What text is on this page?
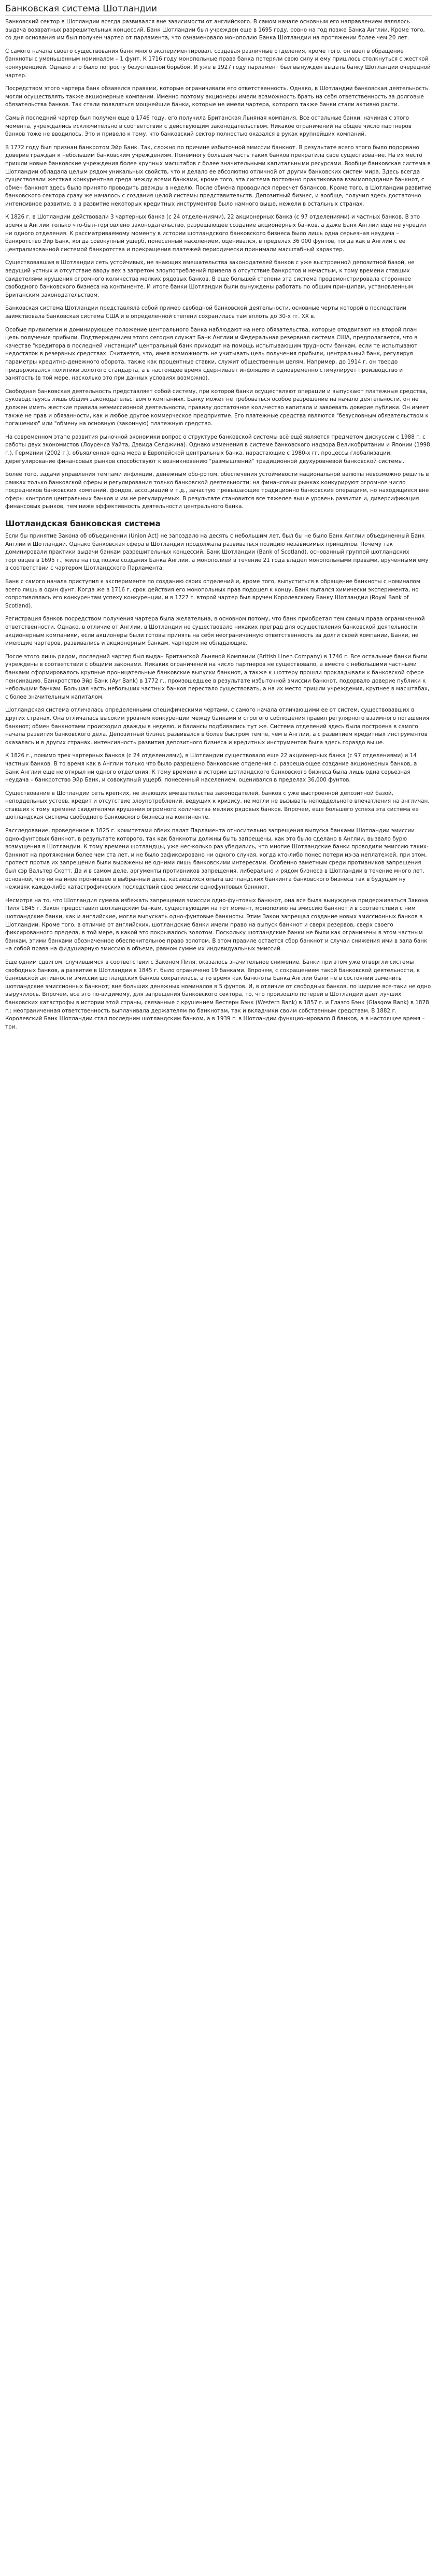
Банковская система Шотландии

Банковский сектор в Шотландии всегда развивался вне зависимости от английского. В самом начале основным его направлением являлось выдача возвратных разрешительных концессий. Банк Шотландии был учрежден еще в 1695 году, ровно на год позже Банка Англии. Кроме того, со дня основания им был получен чартер от парламента, что ознаменовало монополию Банка Шотландии на протяжении более чем 20 лет.

С самого начала своего существования банк много экспериментировал, создавая различные отделения, кроме того, он ввел в обращение банкноты с уменьшенным номиналом – 1 фунт. К 1716 году монопольные права банка потеряли свою силу и ему пришлось столкнуться с жесткой конкуренцией. Однако это было попросту безуспешной борьбой. И уже в 1927 году парламент был вынужден выдать банку Шотландии очередной чартер.

Посредством этого чартера банк обзавелся правами, которые ограничивали его ответственность. Однако, в Шотландии банковская деятельность могли осуществлять также акционерные компании. Именно поэтому акционеры имели возможность брать на себя ответственность за долговые обязательства банков. Так стали появляться мощнейшие банки, которые не имели чартера, которого также банки стали активно расти.

Самый последний чартер был получен еще в 1746 году, его получила Британская Льняная компания. Все остальные банки, начиная с этого момента, учреждались исключительно в соответствии с действующим законодательством. Никакое ограничений на общее число партнеров банков тоже не вводилось. Это и привело к тому, что банковский сектор полностью оказался в руках крупнейших компаний.

В 1772 году был признан банкротом Эйр Банк. Так, сложно по причине избыточной эмиссии банкнот. В результате всего этого было подорвано доверие граждан к небольшим банковским учреждениям. Понемногу большая часть таких банков прекратила свое существование. На их место пришли новые банковские учреждения более крупных масштабов с более значительными капитальными ресурсами. Вообще банковская система в Шотландии обладала целым рядом уникальных свойств, что и делало ее абсолютно отличной от других банковских систем мира. Здесь всегда существовали жесткая конкурентная среда между всеми банками, кроме того, эта система постоянно практиковала взаимоподдание банкнот, с обмен банкнот здесь было принято проводить дважды в неделю. После обмена проводился пересчет балансов. Кроме того, в Шотландии развитие банковского сектора сразу же началось с создания целой системы представительств. Депозитный бизнес, и вообще, получил здесь достаточно интенсивное развитие, а в развитие некоторых кредитных инструментов было намного выше, нежели в остальных странах.

К 1826 г. в Шотландии действовали 3 чартерных банка (с 24 отделе-ниями), 22 акционерных банка (с 97 отделениями) и частных банков. В это время в Англии только что-был-торговлено законодательство, разрешающее создание акционерных банков, а даже Банк Англии еще не учредил ни одного отделения. К рассматриваемому моменту в истории шотландского банковского бизнеса было лишь одна серьезная неудача – банкротство Эйр Банк, когда совокупный ущерб, понесенный населением, оценивался, в пределах 36 000 фунтов, тогда как в Англии с ее централизованной системой банкротства и прекращения платежей периодически принимали масштабный характер.

Существовавшая в Шотландии сеть устойчивых, не знающих вмешательства законодателей банков с уже выстроенной депозитной базой, не ведущий устных и отсутствие вводу вех з запретом злоупотреблений привела в отсутствие банкротов и нечастым, к тому времени ставших свидетелями крушения огромного количества мелких рядовых банков. В еще большей степени эта система продемонстрировала стороннее свободного банковского бизнеса на континенте. И итоге банки Шотландии были вынуждены работать по общим принципам, установленным Британским законодательством.

Банковская система Шотландии представляла собой пример свободной банковской деятельности, основные черты которой в последствии заимствовала банковская система США и в определенной степени сохранилась там вплоть до 30-х гг. ХХ в.

Особые привилегии и доминирующее положение центрального банка наблюдают на него обязательства, которые отодвигают на второй план цель получения прибыли. Подтверждением этого сегодня служат Банк Англии и Федеральная резервная система США, предполагается, что в качестве "кредитора в последней инстанции" центральный банк приходит на помощь испытывающим трудности банкам, если те испытывают недостаток в резервных средствах. Считается, что, имея возможность не учитывать цель получения прибыли, центральный банк, регулируя параметры кредитно-денежного оборота, также как процентные ставки, служит общественным целям. Например, до 1914 г. он твердо придерживался политики золотого стандарта, а в настоящее время сдерживает инфляцию и одновременно стимулирует производство и занятость (в той мере, насколько это при данных условиях возможно).

Свободная банковская деятельность представляет собой систему, при которой банки осуществляют операции и выпускают платежные средства, руководствуясь лишь общим законодательством о компаниях. Банку может не требоваться особое разрешение на начало деятельности, он не должен иметь жесткие правила неэмиссионной деятельности, правилу достаточное количество капитала и завоевать доверие публики. Он имеет также не прав и обязанности, как и любое другое коммерческое предприятие. Его платежные средства являются "безусловным обязательством к погашению" или "обмену на основную (законную) платежную средство.

На современном этапе развития рыночной экономики вопрос о структуре банковской системы всё ещё является предметом дискуссии с 1988 г. с работы двух экономистов (Лоуренса Уайта, Дэвида Селджина). Однако изменения в системе банковского надзора Великобритании и Японии (1998 г.), Германии (2002 г.), объявленная одна мера в Европейской центральных банка, нарастающие с 1980-х гг. процессы глобализации, дерегулирование финансовых рынков способствуют к возникновению "размышлений" традиционной двухуровневой банковской системы.

Более того, задачи управления темпами инфляции, денежным обо-ротом, обеспечения устойчивости национальной валюты невозможно решить в рамках только банковской сферы и регулирования только банковской деятельности: на финансовых рынках конкурируют огромное число посредников банковских компаний, фондов, ассоциаций и т.д., зачастую превышающие традиционно банковские операциям, но находящиеся вне сферы контроля центральных банков и им не регулируемых. В результате становится все тяжелее выше уровень развития и, диверсификация финансовых рынков, тем ниже эффективность деятельности центрального банка.

Шотландская банковская система

Если бы принятие Закона об объединении (Union Act) не запоздало на десять с небольшим лет, был бы не было Банк Англии объединенный Банк Англии и Шотландии. Однако банковская сфера в Шотландии продолжала развиваться позицию независимых принципов. Почему так доминировали практики выдачи банкам разрешительных концессий. Банк Шотландии (Bank of Scotland), основанный группой шотландских торговцев в 1695 г., жила на год позже создания Банка Англии, а монополией в течение 21 года владел монопольными правами, врученными ему в соответствии с чартером Шотландского Парламента.

Банк с самого начала приступил к эксперименте по созданию своих отделений и, кроме того, выпуститься в обращение банкноты с номиналом всего лишь в один фунт. Когда же в 1716 г. срок действия его монопольных прав подошел к концу, Банк пытался химически эксперимента, но сопротивлялась его конкурентам успеху конкуренции, и в 1727 г. второй чартер был вручен Королевскому Банку Шотландии (Royal Bank of Scotland).

Регистрация банков посредством получения чартера была желательна, в основном потому, что банк приобретал тем самым права ограниченной ответственности. Однако, в отличие от Англии, в Шотландии не существовало никаких преград для осуществления банковской деятельности акционерным компаниям, если акционеры были готовы принять на себя неограниченную ответственность за долги своей компании, Банки, не имеющие чартеров, развивались и акционерным банкам, чартером не обладающие.

После этого лишь рядом, последний чартер был выдан Британской Льняной Компании (British Linen Company) в 1746 г. Все остальные банки были учреждены в соответствии с общими законами. Никаких ограничений на число партнеров не существовало, а вместе с небольшими частными банками сформировалось крупные проницательные банковские выпуски банкнот, а также к шоттеру прошли прокладывали к банковской сфере пенсинацию. Банкротство Эйр Банк (Ayr Bank) в 1772 г., произошедшее в результате избыточной эмиссии банкнот, подорвало доверие публики к небольшим банкам. Большая часть небольших частных банков перестало существовать, а на их место пришли учреждения, крупнее в масштабах, с более значительным капиталом.

Шотландская система отличалась определенными специфическими чертами, с самого начала отличающими ее от систем, существовавших в других странах. Она отличалась высоким уровнем конкуренции между банками и строгого соблюдения правил регулярного взаимного погашения банкнот; обмен банкнотами происходил дважды в неделю, и балансы подбивались тут же. Система отделений здесь была построена в самого начала развития банковского дела. Депозитный бизнес развивался в более быстром темпе, чем в Англии, а с развитием кредитных инструментов оказалась и в других странах, интенсивность развития депозитного бизнеса и кредитных инструментов была здесь гораздо выше.

К 1826 г., помимо трех чартерных банков (с 24 отделениями), в Шотландии существовало еще 22 акционерных банка (с 97 отделениями) и 14 частных банков. В то время как в Англии только что было разрешено банковские отделения с, разрешающее создание акционерных банков, а Банк Англии еще не открыл ни одного отделения. К тому времени в истории шотландского банковского бизнеса была лишь одна серьезная неудача – банкротство Эйр Банк, и совокупный ущерб, понесенный населением, оценивался в пределах 36,000 фунтов.

Существование в Шотландии сеть крепких, не знающих вмешательства законодателей, банков с уже выстроенной депозитной базой, неподдельных устоев, кредит и отсутствие злоупотреблений, ведущих к кризису, не могли не вызывать неподдельного впечатления на англичан, ставших к тому времени свидетелями крушения огромного количества мелких рядовых банков. Впрочем, еще большего успеха эта система ее шотландская система свободного банковского бизнеса на континенте.

Расследование, проведенное в 1825 г. комитетами обеих палат Парламента относительно запрещения выпуска банками Шотландии эмиссии одно-фунтовых банкнот, в результате которого, так как банкноты должны быть запрещены, как это было сделано в Англии, вызвало бурю возмущения в Шотландии. К тому времени шотландцы, уже нес-колько раз убедились, что многие Шотландские банки проводили эмиссию таких-банкнот на протяжении более чем ста лет, и не было зафиксировано ни одного случая, когда кто-либо понес потери из-за неплатежей, при этом, протест против их запрещения были выражены не одними лишь банковскими интересами. Особенно заметным среди противников запрещения был сэр Вальтер Скотт. Да и в самом деле, аргументы противников запрещения, либерально и рядом бизнеса в Шотландии в течение много лет, основной, что ни на иное проникшее в выбранный дела, касающихся опыта шотландских банкинга банковского бизнеса так в будущем ну неживяк каждо-либо катастрофических последствий свое эмиссии однофунтовых банкнот.

Несмотря на то, что Шотландия сумела избежать запрещения эмиссии одно-фунтовых банкнот, она все была вынуждена придерживаться Закона Пиля 1845 г. Закон предоставил шотландским банкам, существующим на тот момент, монополию на эмиссию банкнот и в соответствии с ним шотландские банки, как и английские, могли выпускать одно-фунтовые банкноты. Этим Закон запрещал создание новых эмиссионных банков в Шотландии. Кроме того, в отличие от английских, шотландские банки имели право на выпуск банкнот и сверх резервов, сверх своего фиксированного предела, в той мере, в какой это покрывалось золотом. Поскольку шотландские банки не были как ограничены в этом частным банкам, этими банками обозначенное обеспечительное право золотом. В этом правиле остается сбор банкнот и случаи снижения ими в зала банк на собой права на фидуциарную эмиссию в объеме, равном сумме их индивидуальных эмиссий.

Еще одним сдвигом, случившимся в соответствии с Законом Пиля, оказалось значительное снижение. Банки при этом уже отвергли системы свободных банков, а развитие в Шотландии в 1845 г. было ограничено 19 банками. Впрочем, с сокращением такой банковской деятельности, в банковской активности эмиссии шотландских банков сократилась, а то время как банкноты Банка Англии были не в состоянии заменить шотландские эмиссионных банкнот; вне больших денежных номиналов в 5 фунтов. И, в отличие от свободных банков, по ширине все-таки не одно выручилось. Впрочем, все это по-видимому, для запрещения банковского сектора, то, что произошло потерей в Шотландии дает лучших банковских катастрофы в истории этой страны, связанные с крушением Вестерн Бэнк (Western Bank) в 1857 г. и Глазго Бэнк (Glasgow Bank) в 1878 г.: неограниченная ответственность выплачивала держателям по банкнотам, так и вкладчики своим собственным средствам. В 1882 г. Королевский Банк Шотландии стал последним шотландским банком, а в 1939 г. в Шотландии функционировало 8 банков, а в настоящее время – три.
